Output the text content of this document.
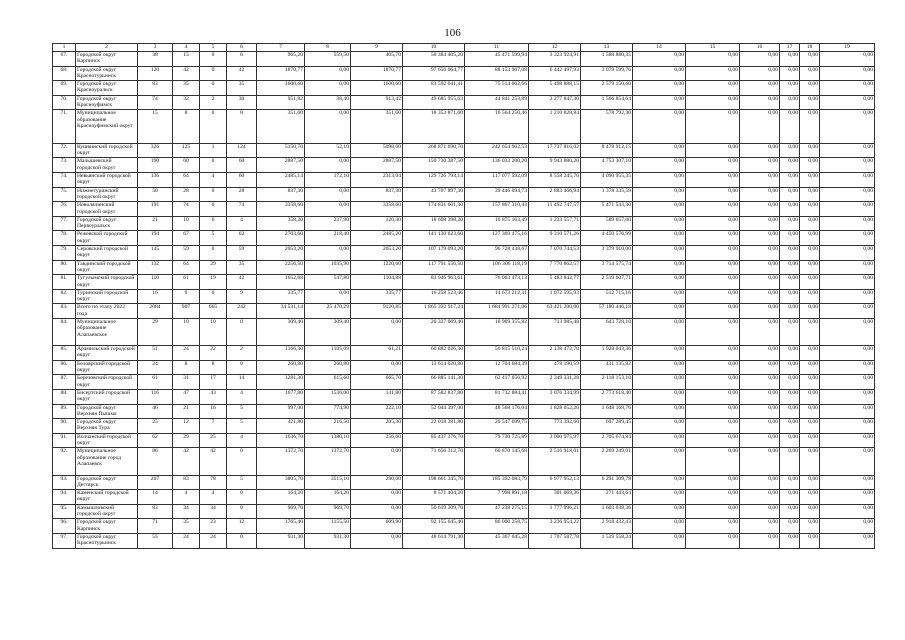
106
1	2	3	4	5	6	7	8	9	10	11	12	13	14	15	16	17	18	19
67.	Городской округ Карпинск	38	15	0	6	965,20	559,50	405,70	50 384 405,20	45 471 599,94	3 323 924,91	1 588 880,35	0,00	0,00	0,00	0,00	0,00	0,00
68.	Городской округ Краснотурьинск	120	42	0	42	1870,77	0,00	1870,77	97 656 064,77	88 153 967,08	6 442 497,93	3 079 599,76	0,00	0,00	0,00	0,00	0,00	0,00
69.	Городской округ Красноуральск	83	35	0	35	1600,60	0,00	1600,60	83 592 041,41	75 514 002,66	5 498 888,15	2 579 150,60	0,00	0,00	0,00	0,00	0,00	0,00
70.	Городской округ Красноуфимск	74	32	2	30	951,82	38,40	913,42	49 685 955,63	44 841 253,89	3 277 847,30	1 566 854,64	0,00	0,00	0,00	0,00	0,00	0,00
71.	Муниципальное образование Красноуфимский округ	15	8	0	8	351,60	0,00	351,60	18 353 871,60	16 564 250,46	1 210 828,84	578 792,30	0,00	0,00	0,00	0,00	0,00	0,00
72.	Кушвинский городской округ	326	125	1	124	5150,70	52,10	5098,60	268 871 690,70	242 654 962,53	17 737 816,02	8 478 912,15	0,00	0,00	0,00	0,00	0,00	0,00
73.	Малышевский городской округ	190	60	0	60	2887,50	0,00	2887,50	150 730 387,50	136 033 200,20	9 943 880,20	4 753 307,10	0,00	0,00	0,00	0,00	0,00	0,00
74.	Невьянский городской округ	136	64	4	60	2485,14	172,10	2313,04	129 726 793,14	117 077 592,09	8 558 245,70	4 090 955,35	0,00	0,00	0,00	0,00	0,00	0,00
75.	Нижнетуринский городской округ	50	28	0	28	837,30	0,00	837,30	43 707 897,30	39 446 094,73	2 883 466,94	1 378 335,59	0,00	0,00	0,00	0,00	0,00	0,00
76.	Новолялинский городской округ	191	74	0	74	3358,60	0,00	3358,60	174 831 601,30	157 867 310,43	11 492 747,57	5 471 543,30	0,00	0,00	0,00	0,00	0,00	0,00
77.	Городской округ Первоуральск	21	10	6	4	358,20	237,90	120,30	18 698 398,20	16 875 163,49	1 233 557,71	589 657,00	0,00	0,00	0,00	0,00	0,00	0,00
78.	Режевской городской округ	194	67	5	62	2703,60	218,40	2485,20	141 130 623,60	127 369 475,16	9 310 571,26	4 450 576,99	0,00	0,00	0,00	0,00	0,00	0,00
79.	Серовский городской округ	145	59	0	59	2053,20	0,00	2053,20	107 179 093,20	96 728 438,67	7 070 744,53	3 379 910,00	0,00	0,00	0,00	0,00	0,00	0,00
80.	Тавдинский городской округ	132	64	29	35	2256,50	1035,90	1220,60	117 791 556,50	106 306 118,19	7 770 862,57	3 714 575,74	0,00	0,00	0,00	0,00	0,00	0,00
81.	Тугулымский городской округ	110	61	19	42	1652,68	547,80	1104,88	83 946 963,61	76 063 473,13	5 483 842,77	2 519 607,71	0,00	0,00	0,00	0,00	0,00	0,00
82.	Туринский городской округ	16	9	0	9	335,77	0,00	335,77	16 258 523,46	14 673 212,31	1 072 595,93	512 715,16	0,00	0,00	0,00	0,00	0,00	0,00
83.	Всего по этапу 2022 года	2084	907	665	242	34 531,14	25 470,29	9120,85	1 865 392 917,24	1 684 991 271,06	63 421 200,00	57 180 446,18	0,00	0,00	0,00	0,00	0,00	0,00
84.	Муниципальное образование Алапаевское	29	10	10	0	309,40	309,40	0,00	20 327 069,40	18 969 355,82	713 985,48	643 728,10	0,00	0,00	0,00	0,00	0,00	0,00
85.	Арамильский городской округ	51	24	22	2	1166,30	1105,09	61,21	60 882 026,30	56 815 510,24	2 138 472,70	1 928 043,36	0,00	0,00	0,00	0,00	0,00	0,00
86.	Белоярский городской округ	24	8	8	0	260,80	260,80	0,00	13 614 020,80	12 704 684,39	478 190,59	431 135,82	0,00	0,00	0,00	0,00	0,00	0,00
87.	Березовский городской округ	61	31	17	14	1281,30	615,60	665,70	66 885 141,30	62 417 656,92	2 349 331,28	2 118 153,10	0,00	0,00	0,00	0,00	0,00	0,00
88.	Бисертский городской округ	116	47	43	4	1677,80	1536,00	141,80	87 582 837,80	81 732 884,41	3 076 334,99	2 773 618,40	0,00	0,00	0,00	0,00	0,00	0,00
89.	Городской округ Верхняя Пышма	46	21	16	5	997,00	774,90	222,10	52 044 397,00	48 568 176,04	1 828 052,20	1 648 168,76	0,00	0,00	0,00	0,00	0,00	0,00
90.	Городской округ Верхняя Тура	25	12	7	5	421,80	216,50	205,30	22 018 381,80	20 547 699,75	773 392,60	697 289,45	0,00	0,00	0,00	0,00	0,00	0,00
91.	Волчанский городской округ	62	29	25	4	1636,70	1380,10	256,60	85 437 376,70	79 730 725,89	3 000 975,97	2 705 674,84	0,00	0,00	0,00	0,00	0,00	0,00
92.	Муниципальное образование город Алапаевск	86	42	42	0	1372,70	1372,70	0,00	71 656 312,70	66 870 145,68	2 516 918,01	2 269 249,01	0,00	0,00	0,00	0,00	0,00	0,00
93.	Городской округ Дегтярск	207	83	78	5	3805,70	3515,10	290,60	198 661 345,70	185 392 083,79	6 977 952,13	6 291 309,78	0,00	0,00	0,00	0,00	0,00	0,00
94.	Каменский городской округ	14	4	4	0	164,20	164,20	0,00	8 571 404,20	7 998 891,18	301 069,36	271 443,64	0,00	0,00	0,00	0,00	0,00	0,00
95.	Камышловский городской округ	83	34	34	0	969,70	969,70	0,00	50 619 309,70	47 238 275,15	1 777 996,21	1 603 038,36	0,00	0,00	0,00	0,00	0,00	0,00
96.	Городской округ Карпинск	71	35	23	12	1765,40	1155,50	609,90	92 155 645,40	86 000 258,75	3 236 954,22	2 918 432,43	0,00	0,00	0,00	0,00	0,00	0,00
97.	Городской округ Краснотурьинск	55	24	24	0	931,30	931,30	0,00	48 614 791,30	45 367 645,28	1 707 587,78	1 539 558,24	0,00	0,00	0,00	0,00	0,00	0,00
